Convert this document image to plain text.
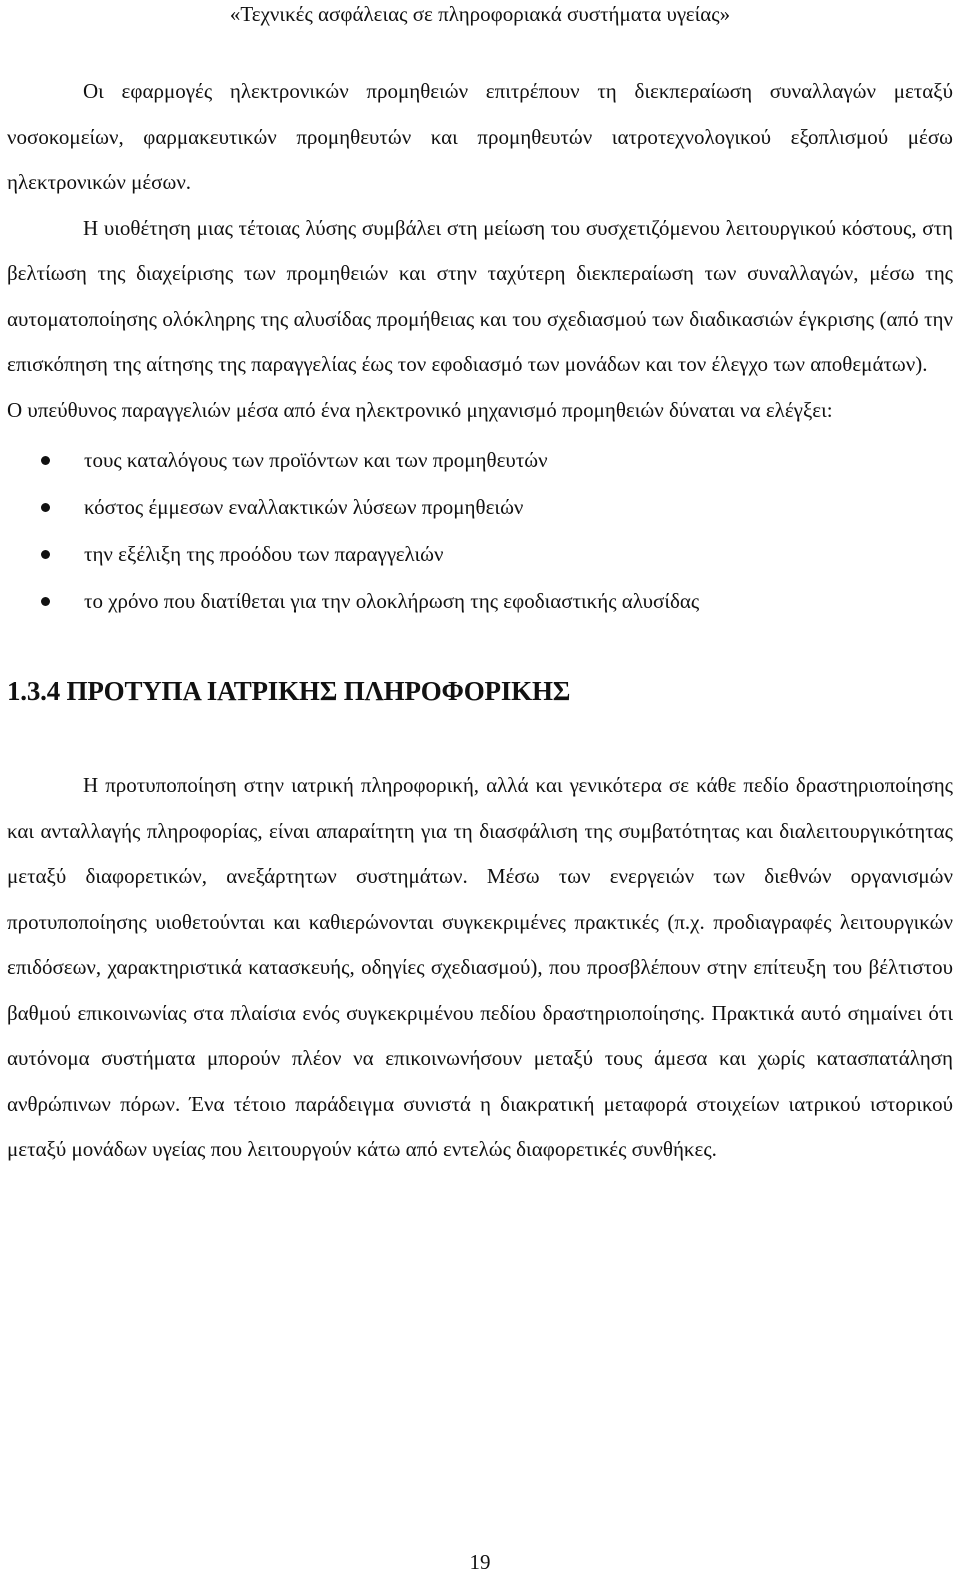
«Τεχνικές ασφάλειας σε πληροφοριακά συστήματα υγείας»

Οι εφαρμογές ηλεκτρονικών προμηθειών επιτρέπουν τη διεκπεραίωση συναλλαγών μεταξύ νοσοκομείων, φαρμακευτικών προμηθευτών και προμηθευτών ιατροτεχνολογικού εξοπλισμού μέσω ηλεκτρονικών μέσων.

Η υιοθέτηση μιας τέτοιας λύσης συμβάλει στη μείωση του συσχετιζόμενου λειτουργικού κόστους, στη βελτίωση της διαχείρισης των προμηθειών και στην ταχύτερη διεκπεραίωση των συναλλαγών, μέσω της αυτοματοποίησης ολόκληρης της αλυσίδας προμήθειας και του σχεδιασμού των διαδικασιών έγκρισης (από την επισκόπηση της αίτησης της παραγγελίας έως τον εφοδιασμό των μονάδων και τον έλεγχο των αποθεμάτων).

Ο υπεύθυνος παραγγελιών μέσα από ένα ηλεκτρονικό μηχανισμό προμηθειών δύναται να ελέγξει:

τους καταλόγους των προϊόντων και των προμηθευτών
κόστος έμμεσων εναλλακτικών λύσεων προμηθειών
την εξέλιξη της προόδου των παραγγελιών
το χρόνο που διατίθεται για την ολοκλήρωση της εφοδιαστικής αλυσίδας
1.3.4 ΠΡΟΤΥΠΑ ΙΑΤΡΙΚΗΣ ΠΛΗΡΟΦΟΡΙΚΗΣ

Η προτυποποίηση στην ιατρική πληροφορική, αλλά και γενικότερα σε κάθε πεδίο δραστηριοποίησης και ανταλλαγής πληροφορίας, είναι απαραίτητη για τη διασφάλιση της συμβατότητας και διαλειτουργικότητας μεταξύ διαφορετικών, ανεξάρτητων συστημάτων. Μέσω των ενεργειών των διεθνών οργανισμών προτυποποίησης υιοθετούνται και καθιερώνονται συγκεκριμένες πρακτικές (π.χ. προδιαγραφές λειτουργικών επιδόσεων, χαρακτηριστικά κατασκευής, οδηγίες σχεδιασμού), που προσβλέπουν στην επίτευξη του βέλτιστου βαθμού επικοινωνίας στα πλαίσια ενός συγκεκριμένου πεδίου δραστηριοποίησης. Πρακτικά αυτό σημαίνει ότι αυτόνομα συστήματα μπορούν πλέον να επικοινωνήσουν μεταξύ τους άμεσα και χωρίς κατασπατάληση ανθρώπινων πόρων. Ένα τέτοιο παράδειγμα συνιστά η διακρατική μεταφορά στοιχείων ιατρικού ιστορικού μεταξύ μονάδων υγείας που λειτουργούν κάτω από εντελώς διαφορετικές συνθήκες.

19
